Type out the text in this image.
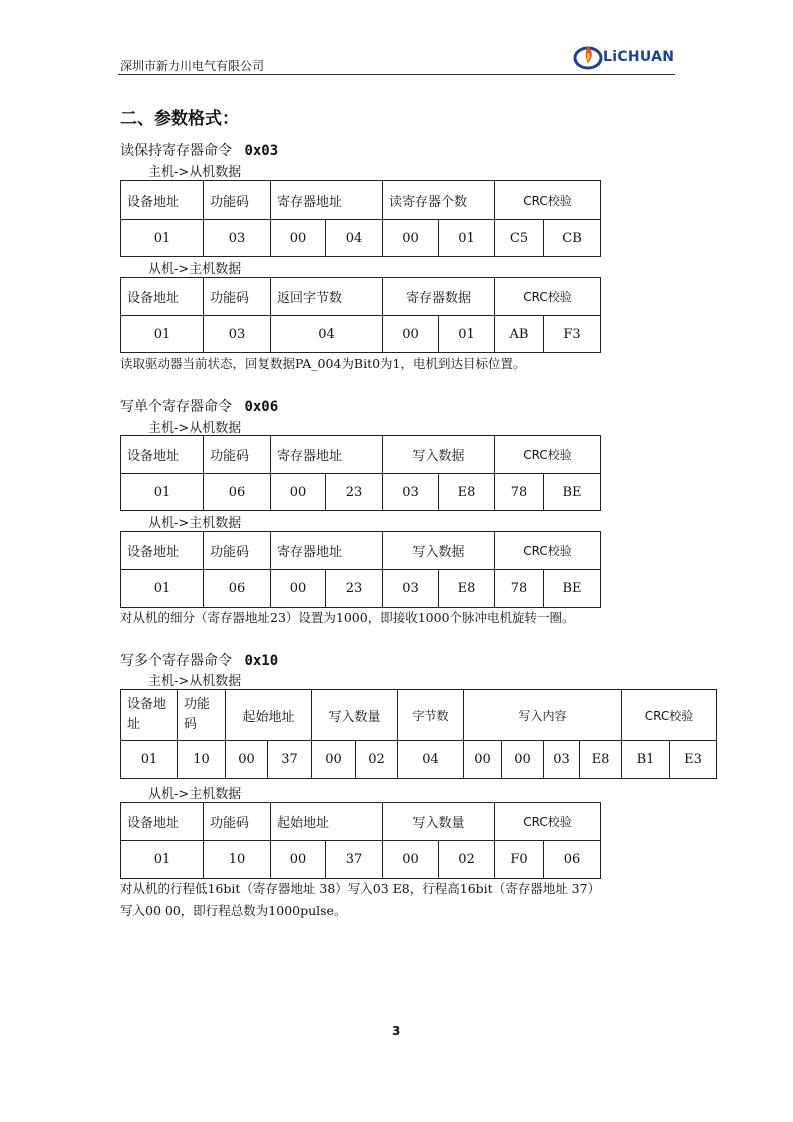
深圳市新力川电气有限公司
LiCHUAN
二、参数格式：
读保持寄存器命令 0x03
主机->从机数据
设备地址	功能码	寄存器地址		读寄存器个数		CRC校验	
01	03	00	04	00	01	C5	CB
从机->主机数据
设备地址	功能码	返回字节数	寄存器数据		CRC校验	
01	03	04	00	01	AB	F3
读取驱动器当前状态，回复数据PA_004为Bit0为1，电机到达目标位置。
写单个寄存器命令 0x06
主机->从机数据
设备地址	功能码	寄存器地址		写入数据		CRC校验	
01	06	00	23	03	E8	78	BE
从机->主机数据
设备地址	功能码	寄存器地址		写入数据		CRC校验	
01	06	00	23	03	E8	78	BE
对从机的细分（寄存器地址23）设置为1000，即接收1000个脉冲电机旋转一圈。
写多个寄存器命令 0x10
主机->从机数据
设备地址	功能码	起始地址		写入数量		字节数	写入内容				CRC校验	
01	10	00	37	00	02	04	00	00	03	E8	B1	E3
从机->主机数据
设备地址	功能码	起始地址		写入数量		CRC校验	
01	10	00	37	00	02	F0	06
对从机的行程低16bit（寄存器地址 38）写入03 E8，行程高16bit（寄存器地址 37）
写入00 00，即行程总数为1000pulse。
3
